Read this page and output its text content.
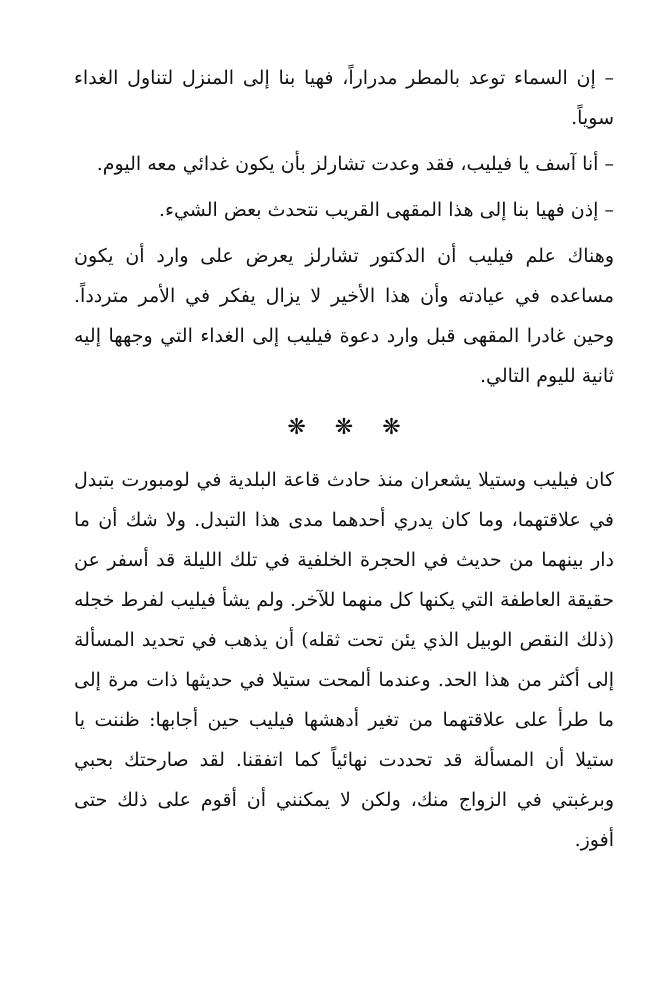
– إن السماء توعد بالمطر مدراراً، فهيا بنا إلى المنزل لتناول الغداء سوياً.

– أنا آسف يا فيليب، فقد وعدت تشارلز بأن يكون غدائي معه اليوم.

– إذن فهيا بنا إلى هذا المقهى القريب نتحدث بعض الشيء.

وهناك علم فيليب أن الدكتور تشارلز يعرض على وارد أن يكون مساعده في عيادته وأن هذا الأخير لا يزال يفكر في الأمر متردداً. وحين غادرا المقهى قبل وارد دعوة فيليب إلى الغداء التي وجهها إليه ثانية لليوم التالي.

❋ ❋ ❋

كان فيليب وستيلا يشعران منذ حادث قاعة البلدية في لومبورت بتبدل في علاقتهما، وما كان يدري أحدهما مدى هذا التبدل. ولا شك أن ما دار بينهما من حديث في الحجرة الخلفية في تلك الليلة قد أسفر عن حقيقة العاطفة التي يكنها كل منهما للآخر. ولم يشأ فيليب لفرط خجله (ذلك النقص الوبيل الذي يئن تحت ثقله) أن يذهب في تحديد المسألة إلى أكثر من هذا الحد. وعندما ألمحت ستيلا في حديثها ذات مرة إلى ما طرأ على علاقتهما من تغير أدهشها فيليب حين أجابها: ظننت يا ستيلا أن المسألة قد تحددت نهائياً كما اتفقنا. لقد صارحتك بحبي وبرغبتي في الزواج منك، ولكن لا يمكنني أن أقوم على ذلك حتى أفوز.
